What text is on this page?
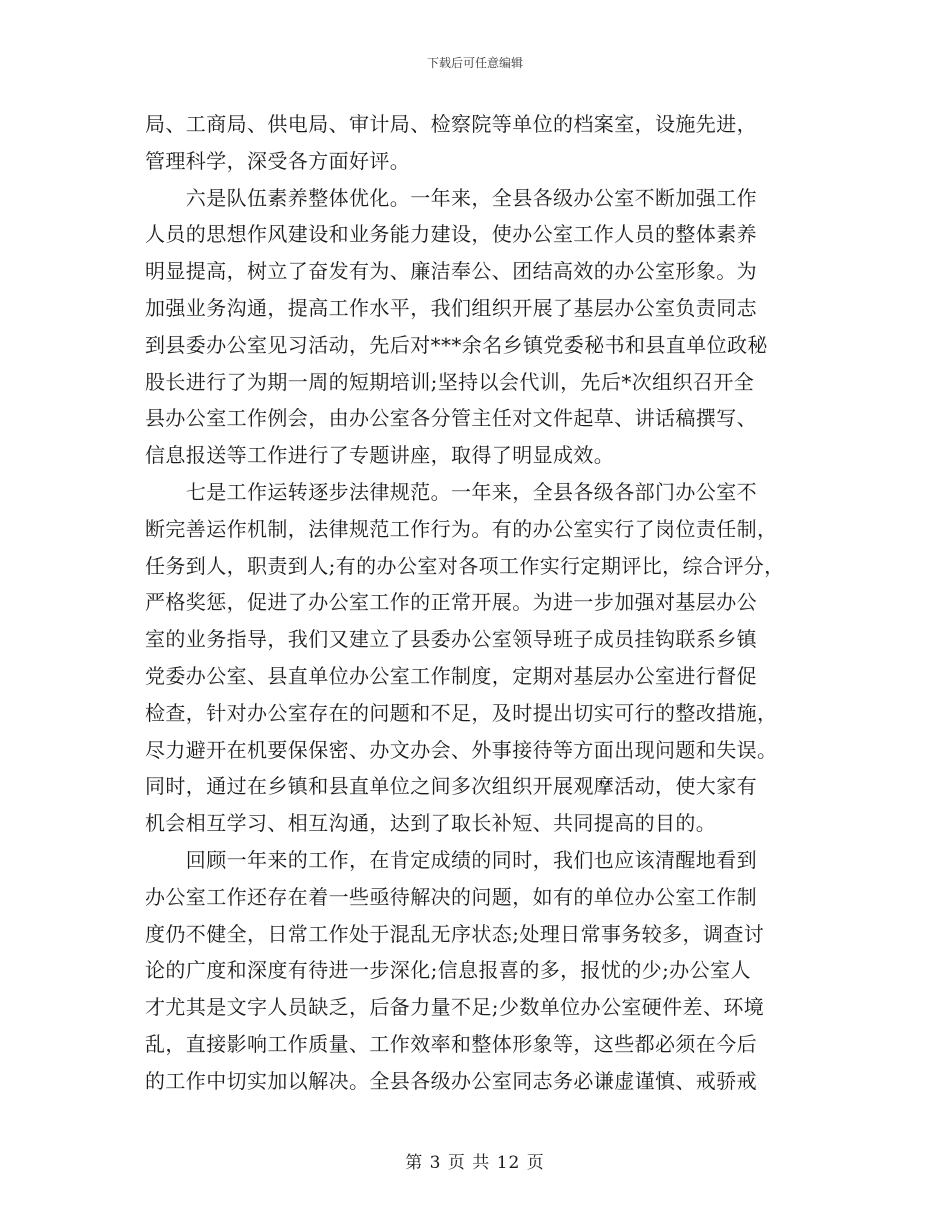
下载后可任意编辑
局、工商局、供电局、审计局、检察院等单位的档案室，设施先进，
管理科学，深受各方面好评。
　　六是队伍素养整体优化。一年来，全县各级办公室不断加强工作
人员的思想作风建设和业务能力建设，使办公室工作人员的整体素养
明显提高，树立了奋发有为、廉洁奉公、团结高效的办公室形象。为
加强业务沟通，提高工作水平，我们组织开展了基层办公室负责同志
到县委办公室见习活动，先后对***余名乡镇党委秘书和县直单位政秘
股长进行了为期一周的短期培训;坚持以会代训，先后*次组织召开全
县办公室工作例会，由办公室各分管主任对文件起草、讲话稿撰写、
信息报送等工作进行了专题讲座，取得了明显成效。
　　七是工作运转逐步法律规范。一年来，全县各级各部门办公室不
断完善运作机制，法律规范工作行为。有的办公室实行了岗位责任制，
任务到人，职责到人;有的办公室对各项工作实行定期评比，综合评分，
严格奖惩，促进了办公室工作的正常开展。为进一步加强对基层办公
室的业务指导，我们又建立了县委办公室领导班子成员挂钩联系乡镇
党委办公室、县直单位办公室工作制度，定期对基层办公室进行督促
检查，针对办公室存在的问题和不足，及时提出切实可行的整改措施，
尽力避开在机要保保密、办文办会、外事接待等方面出现问题和失误。
同时，通过在乡镇和县直单位之间多次组织开展观摩活动，使大家有
机会相互学习、相互沟通，达到了取长补短、共同提高的目的。
　　回顾一年来的工作，在肯定成绩的同时，我们也应该清醒地看到
办公室工作还存在着一些亟待解决的问题，如有的单位办公室工作制
度仍不健全，日常工作处于混乱无序状态;处理日常事务较多，调查讨
论的广度和深度有待进一步深化;信息报喜的多，报忧的少;办公室人
才尤其是文字人员缺乏，后备力量不足;少数单位办公室硬件差、环境
乱，直接影响工作质量、工作效率和整体形象等，这些都必须在今后
的工作中切实加以解决。全县各级办公室同志务必谦虚谨慎、戒骄戒
第 3 页 共 12 页
